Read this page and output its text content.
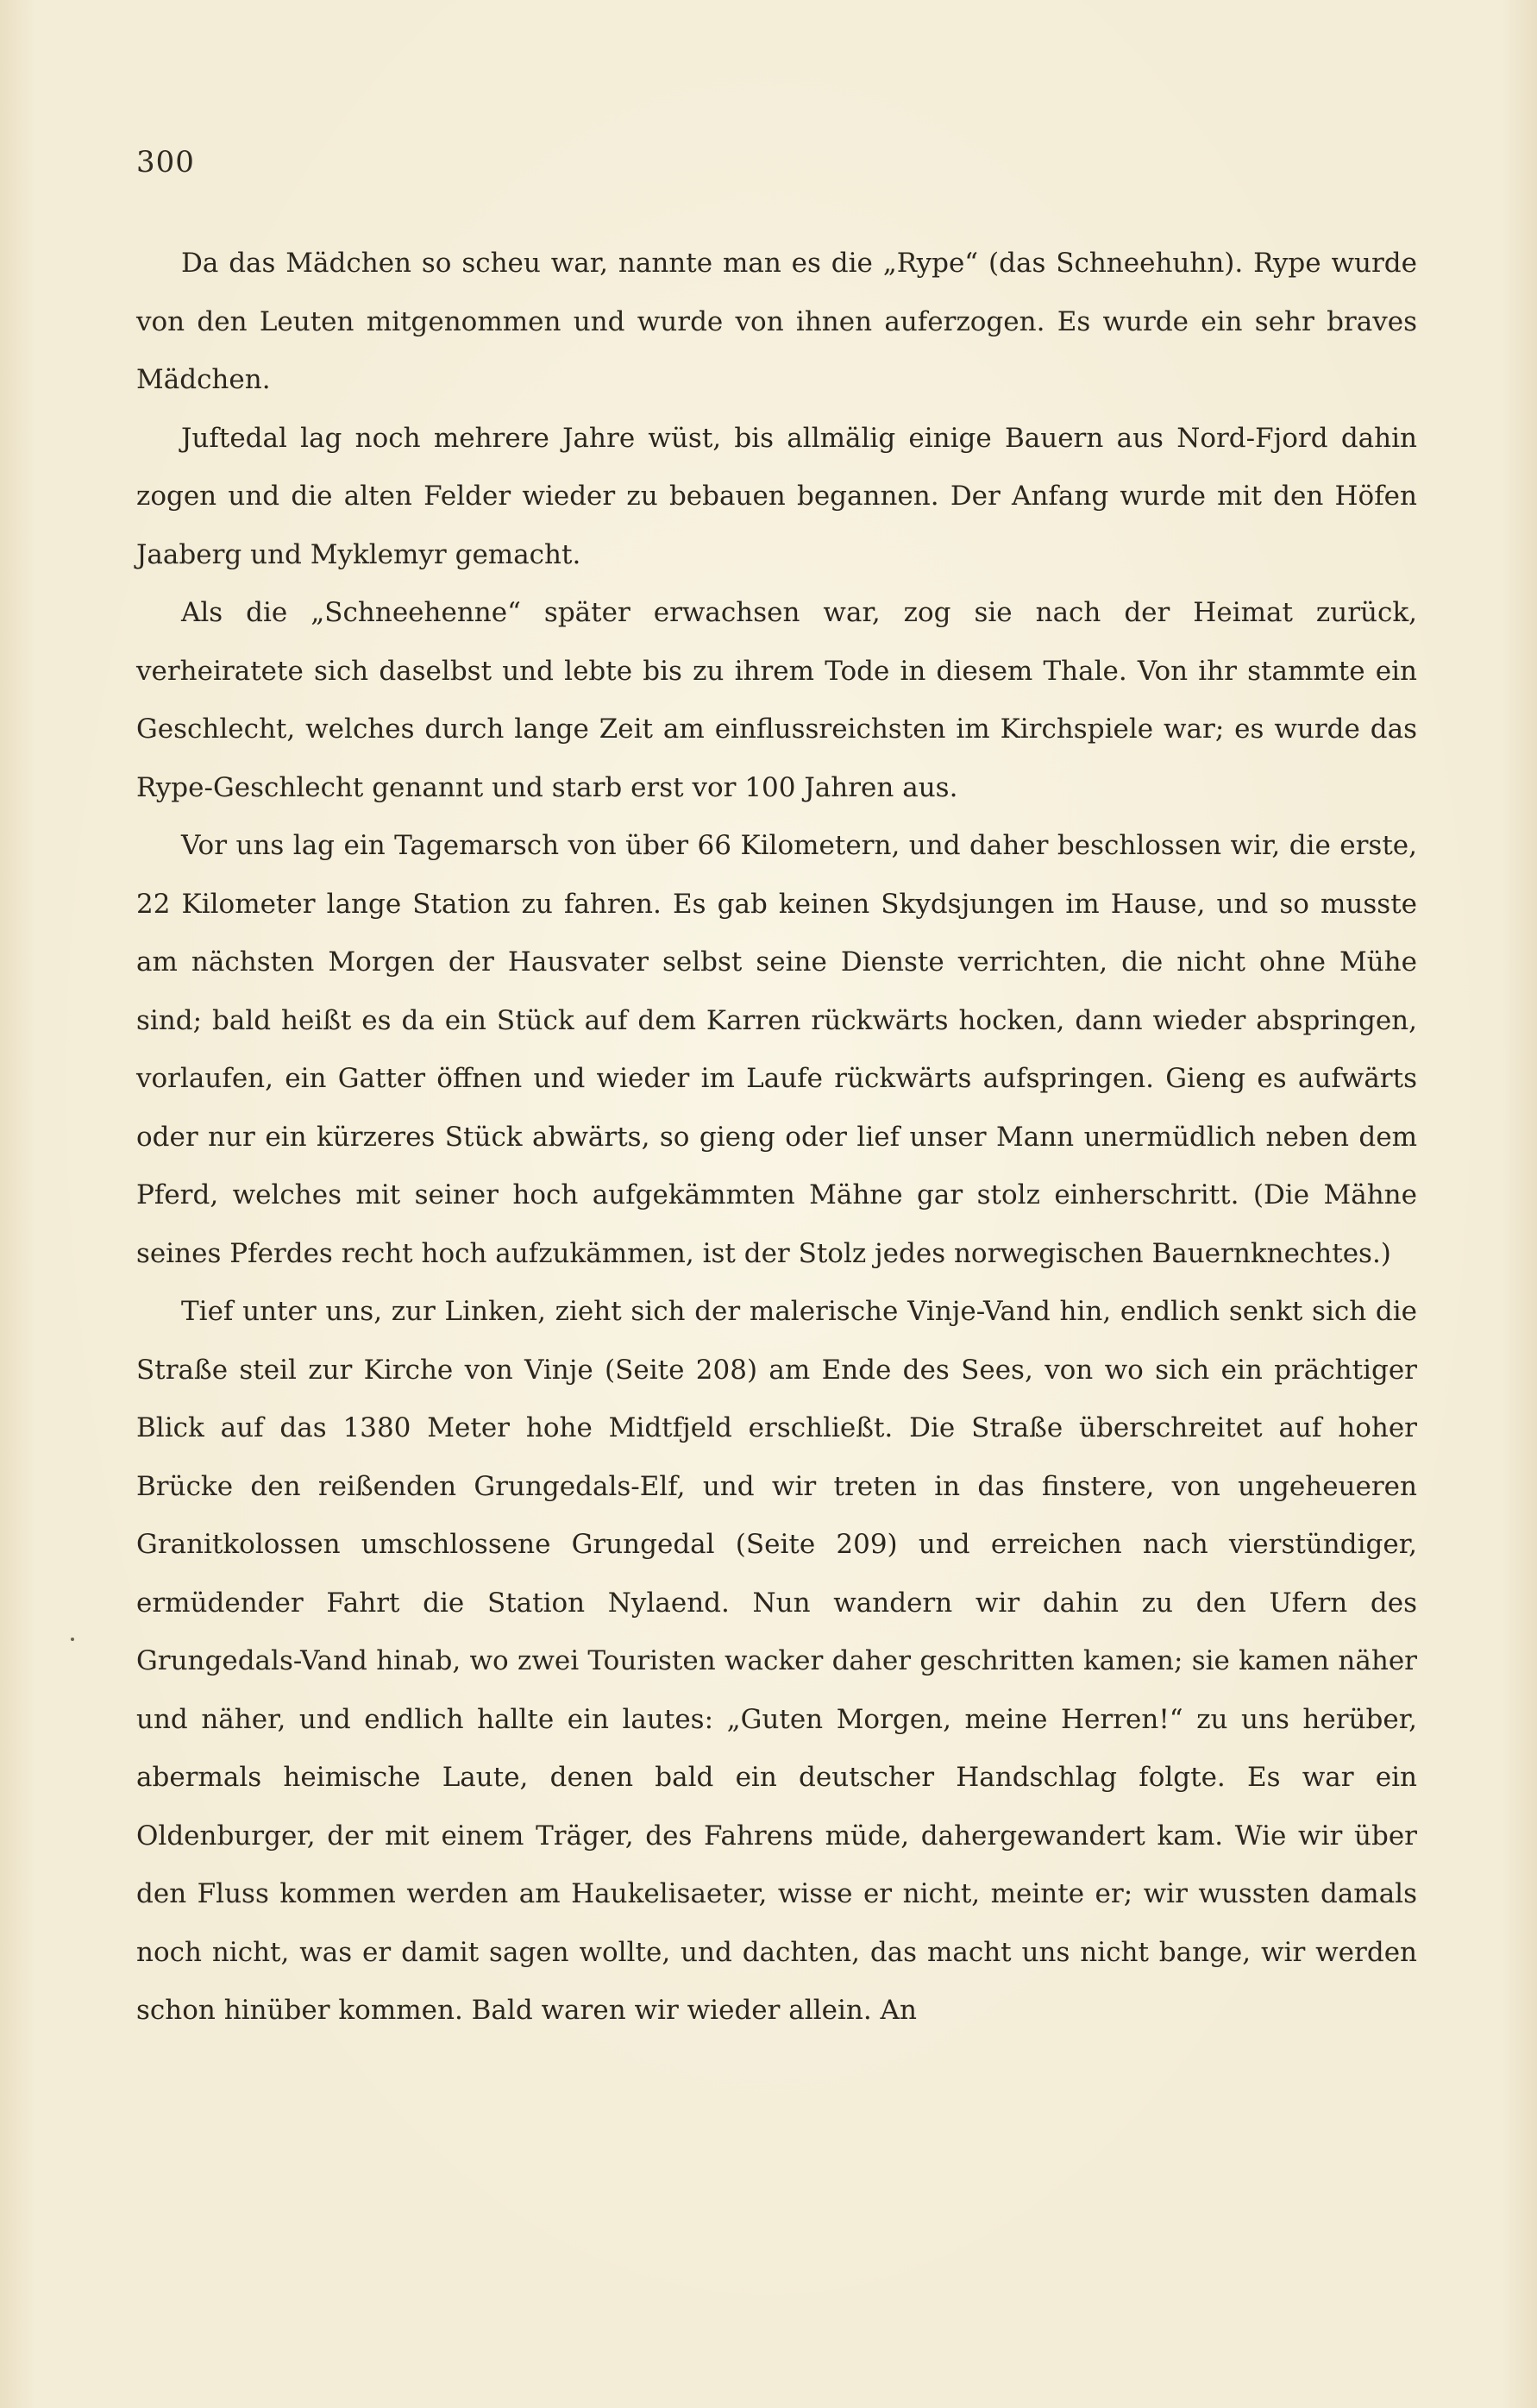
300

Da das Mädchen so scheu war, nannte man es die „Rype“ (das Schneehuhn). Rype wurde von den Leuten mitgenommen und wurde von ihnen auferzogen. Es wurde ein sehr braves Mädchen.

Juftedal lag noch mehrere Jahre wüst, bis allmälig einige Bauern aus Nord-Fjord dahin zogen und die alten Felder wieder zu bebauen begannen. Der Anfang wurde mit den Höfen Jaaberg und Myklemyr gemacht.

Als die „Schneehenne“ später erwachsen war, zog sie nach der Heimat zurück, verheiratete sich daselbst und lebte bis zu ihrem Tode in diesem Thale. Von ihr stammte ein Geschlecht, welches durch lange Zeit am einflussreichsten im Kirchspiele war; es wurde das Rype-Geschlecht genannt und starb erst vor 100 Jahren aus.

Vor uns lag ein Tagemarsch von über 66 Kilometern, und daher beschlossen wir, die erste, 22 Kilometer lange Station zu fahren. Es gab keinen Skydsjungen im Hause, und so musste am nächsten Morgen der Hausvater selbst seine Dienste verrichten, die nicht ohne Mühe sind; bald heißt es da ein Stück auf dem Karren rückwärts hocken, dann wieder abspringen, vorlaufen, ein Gatter öffnen und wieder im Laufe rückwärts aufspringen. Gieng es aufwärts oder nur ein kürzeres Stück abwärts, so gieng oder lief unser Mann unermüdlich neben dem Pferd, welches mit seiner hoch aufgekämmten Mähne gar stolz einherschritt. (Die Mähne seines Pferdes recht hoch aufzukämmen, ist der Stolz jedes norwegischen Bauernknechtes.)

Tief unter uns, zur Linken, zieht sich der malerische Vinje-Vand hin, endlich senkt sich die Straße steil zur Kirche von Vinje (Seite 208) am Ende des Sees, von wo sich ein prächtiger Blick auf das 1380 Meter hohe Midtfjeld erschließt. Die Straße überschreitet auf hoher Brücke den reißenden Grungedals-Elf, und wir treten in das finstere, von ungeheueren Granitkolossen umschlossene Grungedal (Seite 209) und erreichen nach vierstündiger, ermüdender Fahrt die Station Nylaend. Nun wandern wir dahin zu den Ufern des Grungedals-Vand hinab, wo zwei Touristen wacker daher geschritten kamen; sie kamen näher und näher, und endlich hallte ein lautes: „Guten Morgen, meine Herren!“ zu uns herüber, abermals heimische Laute, denen bald ein deutscher Handschlag folgte. Es war ein Oldenburger, der mit einem Träger, des Fahrens müde, dahergewandert kam. Wie wir über den Fluss kommen werden am Haukelisaeter, wisse er nicht, meinte er; wir wussten damals noch nicht, was er damit sagen wollte, und dachten, das macht uns nicht bange, wir werden schon hinüber kommen. Bald waren wir wieder allein. An
